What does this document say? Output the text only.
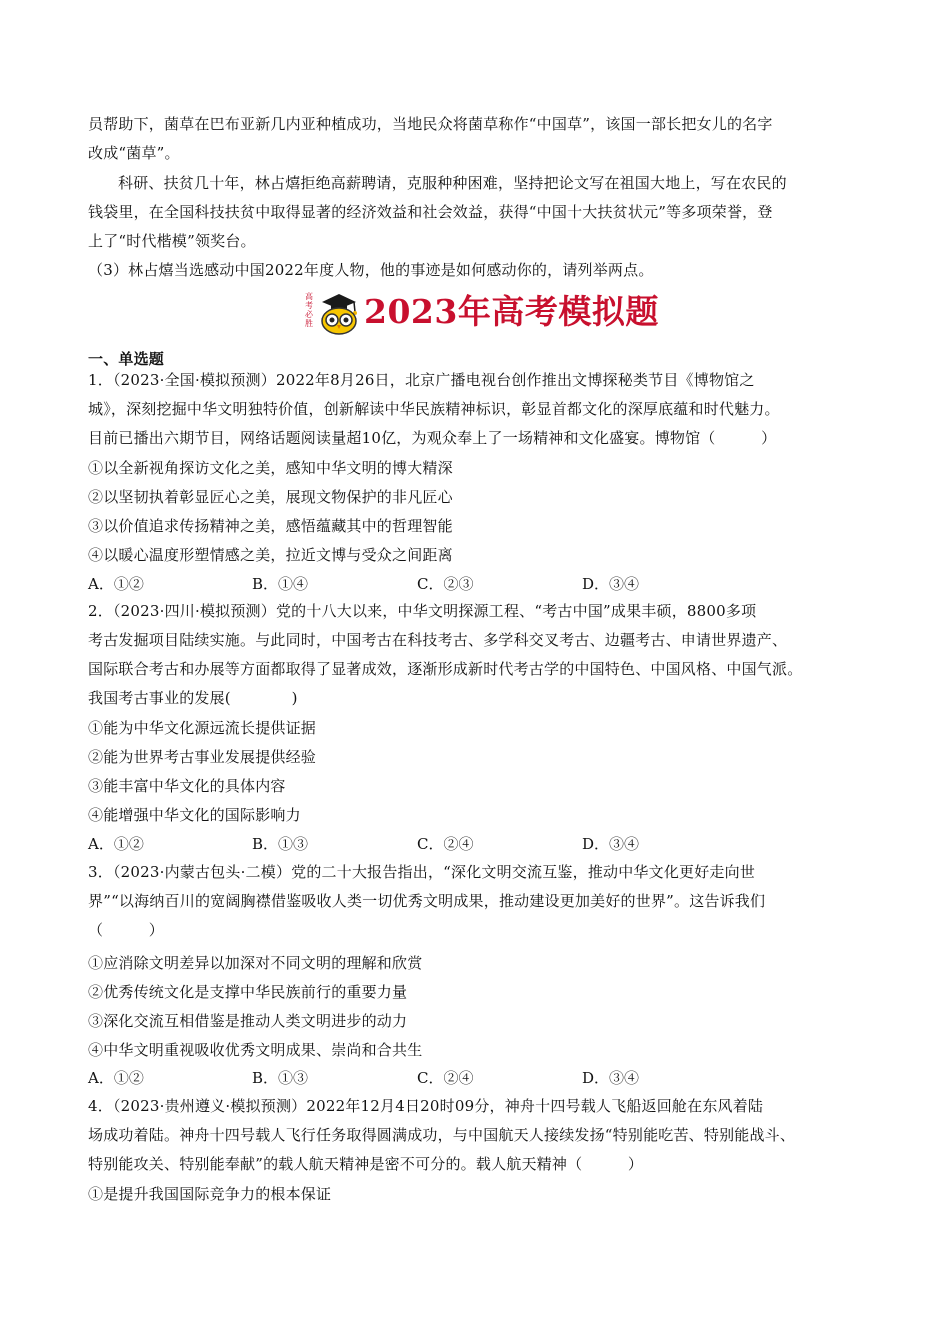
员帮助下，菌草在巴布亚新几内亚种植成功，当地民众将菌草称作“中国草”，该国一部长把女儿的名字
改成“菌草”。
科研、扶贫几十年，林占熺拒绝高薪聘请，克服种种困难，坚持把论文写在祖国大地上，写在农民的
钱袋里，在全国科技扶贫中取得显著的经济效益和社会效益，获得“中国十大扶贫状元”等多项荣誉，登
上了“时代楷模”领奖台。
（3）林占熺当选感动中国2022年度人物，他的事迹是如何感动你的，请列举两点。
高考必胜 2023年高考模拟题
一、单选题
1．（2023·全国·模拟预测）2022年8月26日，北京广播电视台创作推出文博探秘类节目《博物馆之
城》，深刻挖掘中华文明独特价值，创新解读中华民族精神标识，彰显首都文化的深厚底蕴和时代魅力。
目前已播出六期节目，网络话题阅读量超10亿，为观众奉上了一场精神和文化盛宴。博物馆（　　　）
①以全新视角探访文化之美，感知中华文明的博大精深
②以坚韧执着彰显匠心之美，展现文物保护的非凡匠心
③以价值追求传扬精神之美，感悟蕴藏其中的哲理智能
④以暖心温度形塑情感之美，拉近文博与受众之间距离
A．①②	B．①④	C．②③	D．③④
2．（2023·四川·模拟预测）党的十八大以来，中华文明探源工程、“考古中国”成果丰硕，8800多项
考古发掘项目陆续实施。与此同时，中国考古在科技考古、多学科交叉考古、边疆考古、申请世界遗产、
国际联合考古和办展等方面都取得了显著成效，逐渐形成新时代考古学的中国特色、中国风格、中国气派。
我国考古事业的发展(　　　　)
①能为中华文化源远流长提供证据
②能为世界考古事业发展提供经验
③能丰富中华文化的具体内容
④能增强中华文化的国际影响力
A．①②	B．①③	C．②④	D．③④
3．（2023·内蒙古包头·二模）党的二十大报告指出，“深化文明交流互鉴，推动中华文化更好走向世
界”“以海纳百川的宽阔胸襟借鉴吸收人类一切优秀文明成果，推动建设更加美好的世界”。这告诉我们
（　　　）
①应消除文明差异以加深对不同文明的理解和欣赏
②优秀传统文化是支撑中华民族前行的重要力量
③深化交流互相借鉴是推动人类文明进步的动力
④中华文明重视吸收优秀文明成果、崇尚和合共生
A．①②	B．①③	C．②④	D．③④
4．（2023·贵州遵义·模拟预测）2022年12月4日20时09分，神舟十四号载人飞船返回舱在东风着陆
场成功着陆。神舟十四号载人飞行任务取得圆满成功，与中国航天人接续发扬“特别能吃苦、特别能战斗、
特别能攻关、特别能奉献”的载人航天精神是密不可分的。载人航天精神（　　　）
①是提升我国国际竞争力的根本保证
